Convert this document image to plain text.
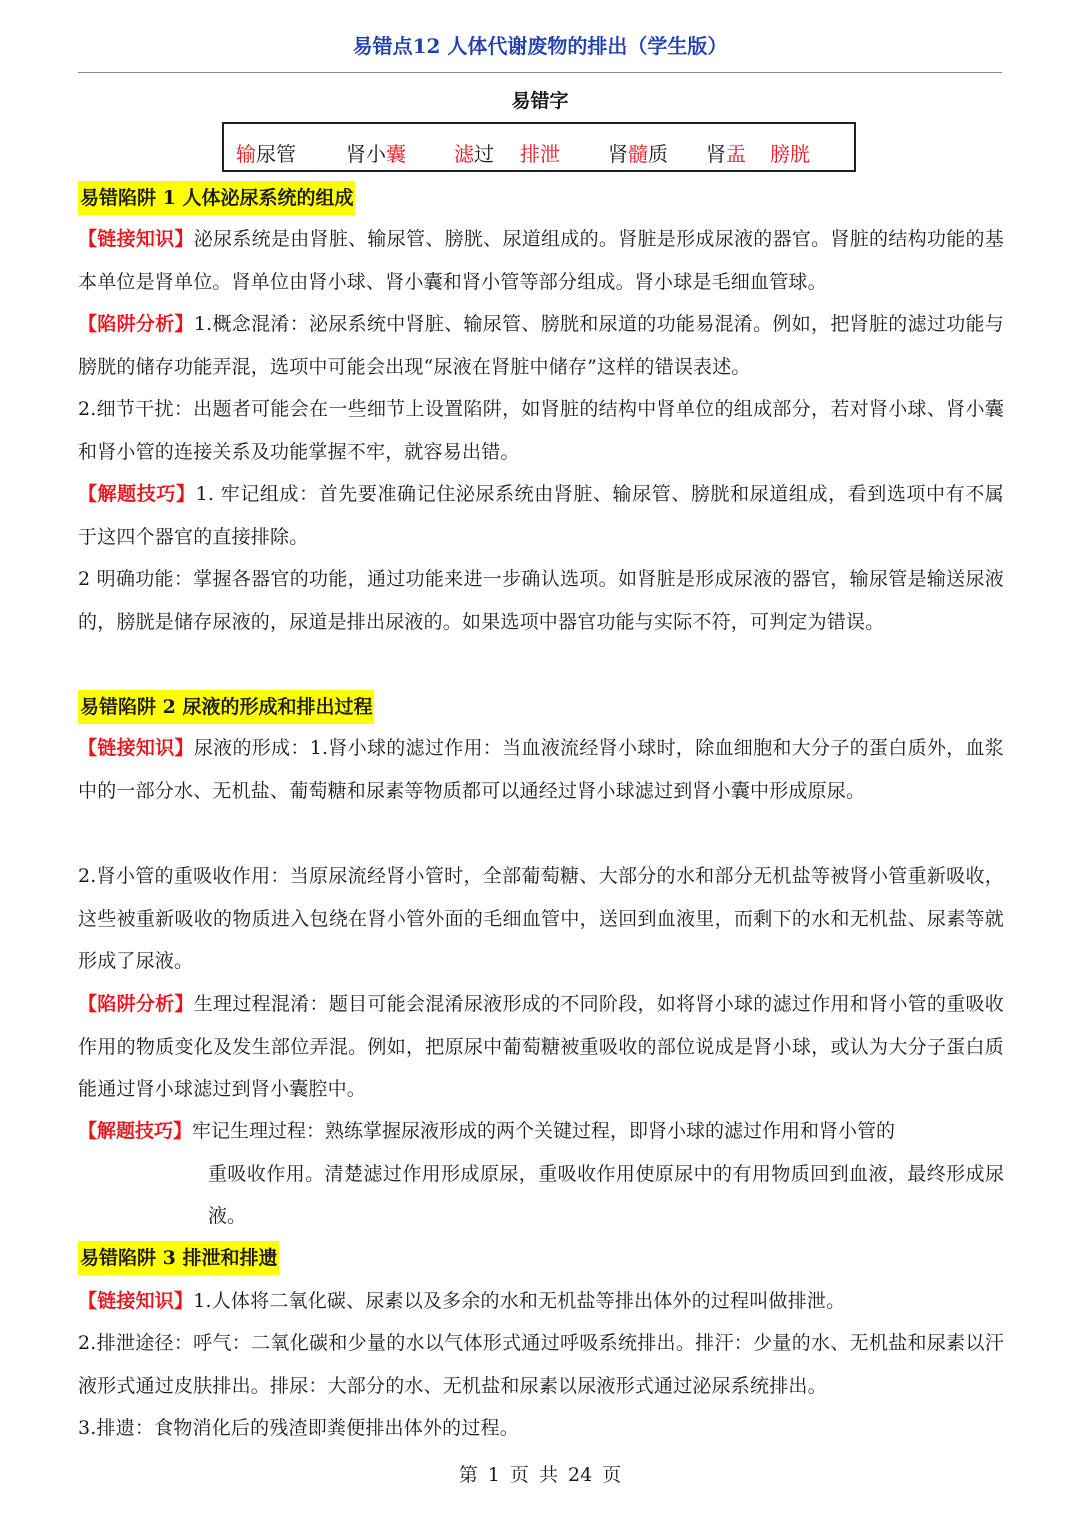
易错点12 人体代谢废物的排出（学生版）
易错字
输尿管	肾小囊 滤过 排泄 肾髓质 肾盂 膀胱
易错陷阱 1 人体泌尿系统的组成
【链接知识】泌尿系统是由肾脏、输尿管、膀胱、尿道组成的。肾脏是形成尿液的器官。肾脏的结构功能的基本单位是肾单位。肾单位由肾小球、肾小囊和肾小管等部分组成。肾小球是毛细血管球。
【陷阱分析】1.概念混淆：泌尿系统中肾脏、输尿管、膀胱和尿道的功能易混淆。例如，把肾脏的滤过功能与膀胱的储存功能弄混，选项中可能会出现“尿液在肾脏中储存”这样的错误表述。
2.细节干扰：出题者可能会在一些细节上设置陷阱，如肾脏的结构中肾单位的组成部分，若对肾小球、肾小囊和肾小管的连接关系及功能掌握不牢，就容易出错。
【解题技巧】1. 牢记组成：首先要准确记住泌尿系统由肾脏、输尿管、膀胱和尿道组成，看到选项中有不属于这四个器官的直接排除。
2 明确功能：掌握各器官的功能，通过功能来进一步确认选项。如肾脏是形成尿液的器官，输尿管是输送尿液的，膀胱是储存尿液的，尿道是排出尿液的。如果选项中器官功能与实际不符，可判定为错误。
易错陷阱 2 尿液的形成和排出过程
【链接知识】尿液的形成：1.肾小球的滤过作用：当血液流经肾小球时，除血细胞和大分子的蛋白质外，血浆中的一部分水、无机盐、葡萄糖和尿素等物质都可以通经过肾小球滤过到肾小囊中形成原尿。
2.肾小管的重吸收作用：当原尿流经肾小管时，全部葡萄糖、大部分的水和部分无机盐等被肾小管重新吸收，这些被重新吸收的物质进入包绕在肾小管外面的毛细血管中，送回到血液里，而剩下的水和无机盐、尿素等就形成了尿液。
【陷阱分析】生理过程混淆：题目可能会混淆尿液形成的不同阶段，如将肾小球的滤过作用和肾小管的重吸收作用的物质变化及发生部位弄混。例如，把原尿中葡萄糖被重吸收的部位说成是肾小球，或认为大分子蛋白质能通过肾小球滤过到肾小囊腔中。
【解题技巧】牢记生理过程：熟练掌握尿液形成的两个关键过程，即肾小球的滤过作用和肾小管的
重吸收作用。清楚滤过作用形成原尿，重吸收作用使原尿中的有用物质回到血液，最终形成尿液。
易错陷阱 3 排泄和排遗
【链接知识】1.人体将二氧化碳、尿素以及多余的水和无机盐等排出体外的过程叫做排泄。
2.排泄途径：呼气：二氧化碳和少量的水以气体形式通过呼吸系统排出。排汗：少量的水、无机盐和尿素以汗液形式通过皮肤排出。排尿：大部分的水、无机盐和尿素以尿液形式通过泌尿系统排出。
3.排遗：食物消化后的残渣即粪便排出体外的过程。
第 1 页 共 24 页
